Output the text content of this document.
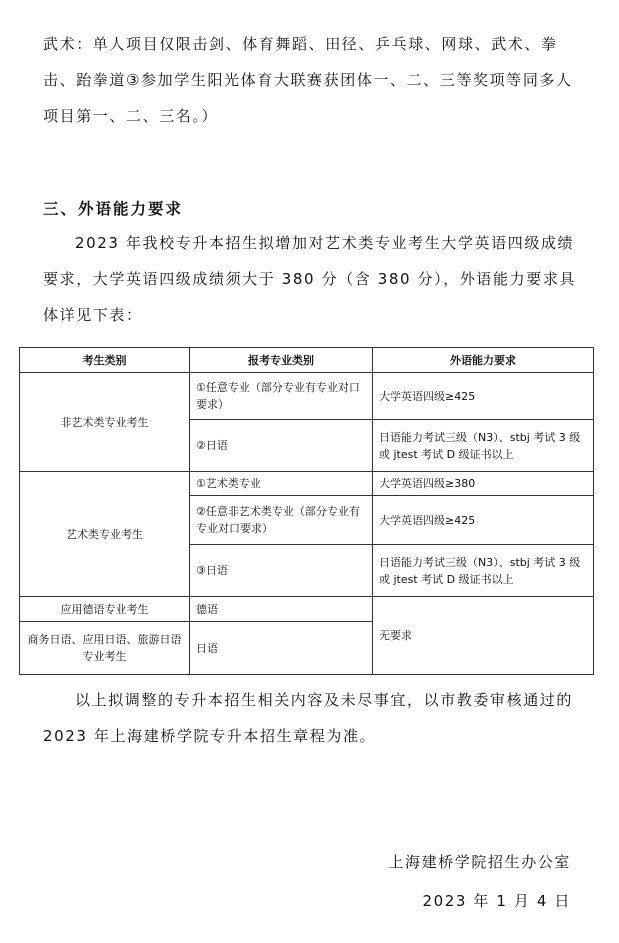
武术：单人项目仅限击剑、体育舞蹈、田径、乒乓球、网球、武术、拳击、跆拳道③参加学生阳光体育大联赛获团体一、二、三等奖项等同多人项目第一、二、三名。）

三、外语能力要求

2023 年我校专升本招生拟增加对艺术类专业考生大学英语四级成绩要求，大学英语四级成绩须大于 380 分（含 380 分），外语能力要求具体详见下表：

考生类别	报考专业类别	外语能力要求
非艺术类专业考生	①任意专业（部分专业有专业对口要求）	大学英语四级≥425
	②日语	日语能力考试三级（N3）、stbj 考试 3 级或 jtest 考试 D 级证书以上
艺术类专业考生	①艺术类专业	大学英语四级≥380
	②任意非艺术类专业（部分专业有专业对口要求）	大学英语四级≥425
	③日语	日语能力考试三级（N3）、stbj 考试 3 级或 jtest 考试 D 级证书以上
应用德语专业考生	德语	无要求
商务日语、应用日语、旅游日语专业考生	日语	

以上拟调整的专升本招生相关内容及未尽事宜，以市教委审核通过的 2023 年上海建桥学院专升本招生章程为准。

上海建桥学院招生办公室

2023 年 1 月 4 日
